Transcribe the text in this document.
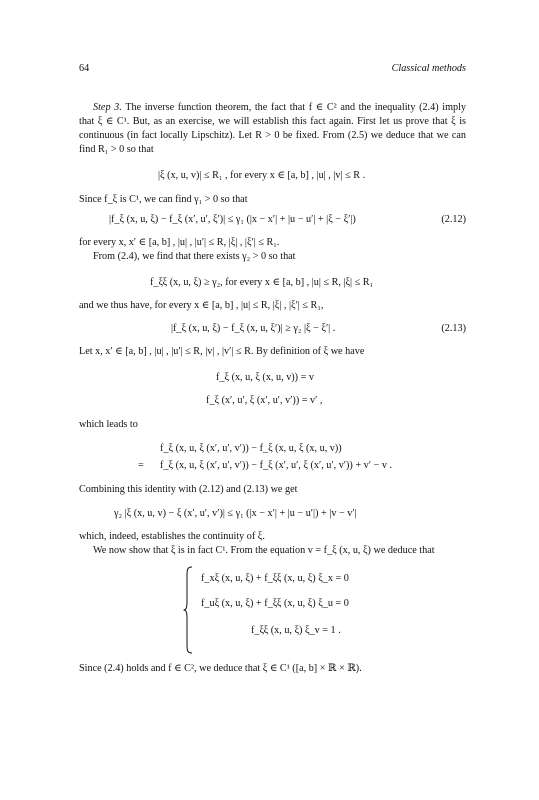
64	Classical methods
Step 3. The inverse function theorem, the fact that f ∈ C² and the inequality (2.4) imply that ξ ∈ C¹. But, as an exercise, we will establish this fact again. First let us prove that ξ is continuous (in fact locally Lipschitz). Let R > 0 be fixed. From (2.5) we deduce that we can find R₁ > 0 so that
|ξ (x, u, v)| ≤ R₁ , for every x ∈ [a, b] , |u| , |v| ≤ R .
Since f_ξ is C¹, we can find γ₁ > 0 so that
|f_ξ (x, u, ξ) − f_ξ (x′, u′, ξ′)| ≤ γ₁ (|x − x′| + |u − u′| + |ξ − ξ′|)	(2.12)
for every x, x′ ∈ [a, b] , |u| , |u′| ≤ R, |ξ| , |ξ′| ≤ R₁.
From (2.4), we find that there exists γ₂ > 0 so that
f_ξξ (x, u, ξ) ≥ γ₂, for every x ∈ [a, b] , |u| ≤ R, |ξ| ≤ R₁
and we thus have, for every x ∈ [a, b] , |u| ≤ R, |ξ| , |ξ′| ≤ R₁,
|f_ξ (x, u, ξ) − f_ξ (x, u, ξ′)| ≥ γ₂ |ξ − ξ′| .	(2.13)
Let x, x′ ∈ [a, b] , |u| , |u′| ≤ R, |v| , |v′| ≤ R. By definition of ξ we have
f_ξ (x, u, ξ (x, u, v)) = v
f_ξ (x′, u′, ξ (x′, u′, v′)) = v′ ,
which leads to
f_ξ (x, u, ξ (x′, u′, v′)) − f_ξ (x, u, ξ (x, u, v))
= f_ξ (x, u, ξ (x′, u′, v′)) − f_ξ (x′, u′, ξ (x′, u′, v′)) + v′ − v .
Combining this identity with (2.12) and (2.13) we get
γ₂ |ξ (x, u, v) − ξ (x′, u′, v′)| ≤ γ₁ (|x − x′| + |u − u′|) + |v − v′|
which, indeed, establishes the continuity of ξ.
We now show that ξ is in fact C¹. From the equation v = f_ξ (x, u, ξ) we deduce that
f_xξ (x, u, ξ) + f_ξξ (x, u, ξ) ξ_x = 0
f_uξ (x, u, ξ) + f_ξξ (x, u, ξ) ξ_u = 0
f_ξξ (x, u, ξ) ξ_v = 1 .
Since (2.4) holds and f ∈ C², we deduce that ξ ∈ C¹ ([a, b] × ℝ × ℝ).
